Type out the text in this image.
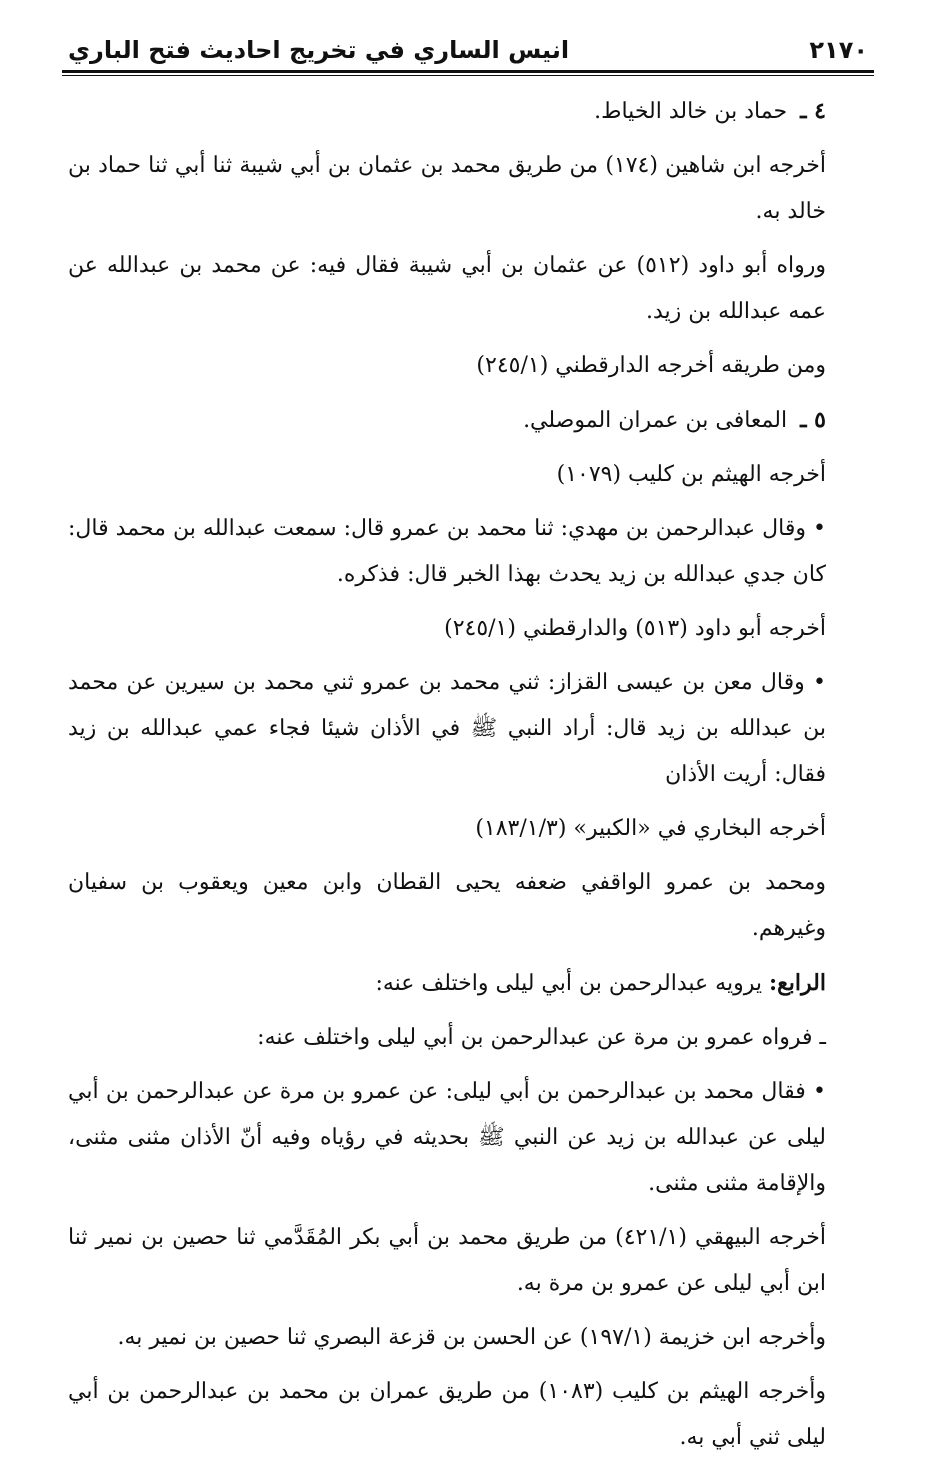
٢١٧٠
انيس الساري في تخريج احاديث فتح الباري

٤ ـ حماد بن خالد الخياط.

أخرجه ابن شاهين (١٧٤) من طريق محمد بن عثمان بن أبي شيبة ثنا أبي ثنا حماد بن خالد به.

ورواه أبو داود (٥١٢) عن عثمان بن أبي شيبة فقال فيه: عن محمد بن عبدالله عن عمه عبدالله بن زيد.

ومن طريقه أخرجه الدارقطني (٢٤٥/١)

٥ ـ المعافى بن عمران الموصلي.

أخرجه الهيثم بن كليب (١٠٧٩)

• وقال عبدالرحمن بن مهدي: ثنا محمد بن عمرو قال: سمعت عبدالله بن محمد قال: كان جدي عبدالله بن زيد يحدث بهذا الخبر قال: فذكره.

أخرجه أبو داود (٥١٣) والدارقطني (٢٤٥/١)

• وقال معن بن عيسى القزاز: ثني محمد بن عمرو ثني محمد بن سيرين عن محمد بن عبدالله بن زيد قال: أراد النبي ﷺ في الأذان شيئا فجاء عمي عبدالله بن زيد فقال: أريت الأذان

أخرجه البخاري في «الكبير» (١٨٣/١/٣)

ومحمد بن عمرو الواقفي ضعفه يحيى القطان وابن معين ويعقوب بن سفيان وغيرهم.

الرابع: يرويه عبدالرحمن بن أبي ليلى واختلف عنه:

ـ فرواه عمرو بن مرة عن عبدالرحمن بن أبي ليلى واختلف عنه:

• فقال محمد بن عبدالرحمن بن أبي ليلى: عن عمرو بن مرة عن عبدالرحمن بن أبي ليلى عن عبدالله بن زيد عن النبي ﷺ بحديثه في رؤياه وفيه أنّ الأذان مثنى مثنى، والإقامة مثنى مثنى.

أخرجه البيهقي (٤٢١/١) من طريق محمد بن أبي بكر المُقَدَّمي ثنا حصين بن نمير ثنا ابن أبي ليلى عن عمرو بن مرة به.

وأخرجه ابن خزيمة (١٩٧/١) عن الحسن بن قزعة البصري ثنا حصين بن نمير به.

وأخرجه الهيثم بن كليب (١٠٨٣) من طريق عمران بن محمد بن عبدالرحمن بن أبي ليلى ثني أبي به.
